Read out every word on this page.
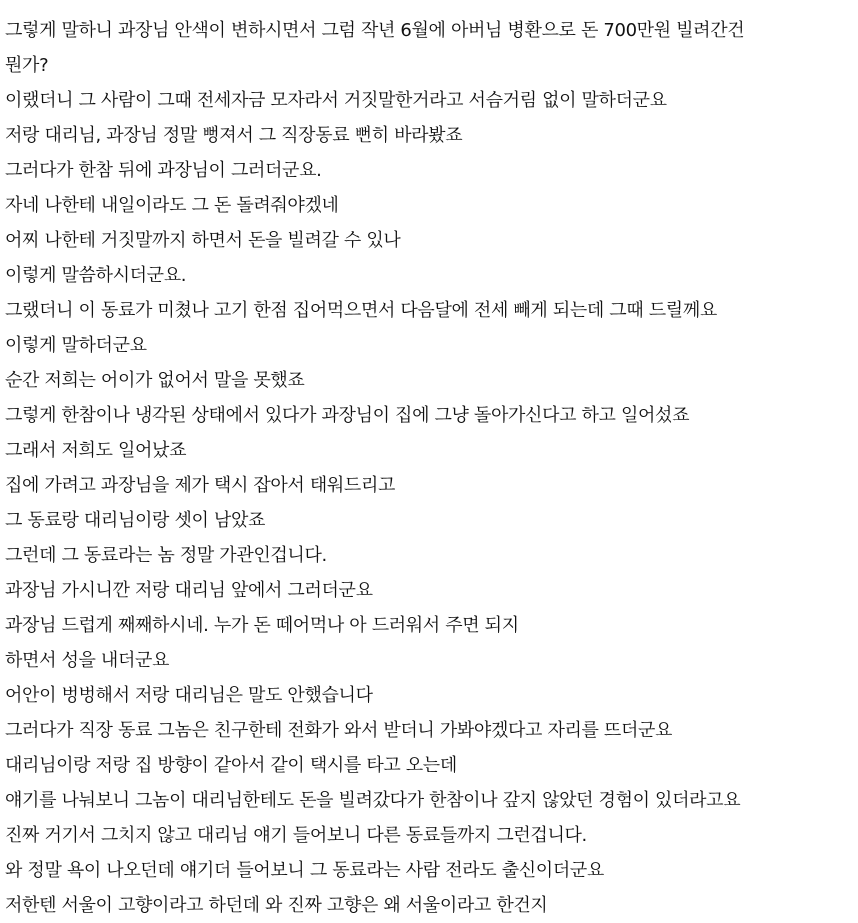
그렇게 말하니 과장님 안색이 변하시면서 그럼 작년 6월에 아버님 병환으로 돈 700만원 빌려간건
뭔가?
이랬더니 그 사람이 그때 전세자금 모자라서 거짓말한거라고 서슴거림 없이 말하더군요
저랑 대리님, 과장님 정말 뻥져서 그 직장동료 뻔히 바라봤죠
그러다가 한참 뒤에 과장님이 그러더군요.
자네 나한테 내일이라도 그 돈 돌려줘야겠네
어찌 나한테 거짓말까지 하면서 돈을 빌려갈 수 있나
이렇게 말씀하시더군요.
그랬더니 이 동료가 미쳤나 고기 한점 집어먹으면서 다음달에 전세 빼게 되는데 그때 드릴께요
이렇게 말하더군요
순간 저희는 어이가 없어서 말을 못했죠
그렇게 한참이나 냉각된 상태에서 있다가 과장님이 집에 그냥 돌아가신다고 하고 일어섰죠
그래서 저희도 일어났죠
집에 가려고 과장님을 제가 택시 잡아서 태워드리고
그 동료랑 대리님이랑 셋이 남았죠
그런데 그 동료라는 놈 정말 가관인겁니다.
과장님 가시니깐 저랑 대리님 앞에서 그러더군요
과장님 드럽게 째째하시네. 누가 돈 떼어먹나 아 드러워서 주면 되지
하면서 성을 내더군요
어안이 벙벙해서 저랑 대리님은 말도 안했습니다
그러다가 직장 동료 그놈은 친구한테 전화가 와서 받더니 가봐야겠다고 자리를 뜨더군요
대리님이랑 저랑 집 방향이 같아서 같이 택시를 타고 오는데
얘기를 나눠보니 그놈이 대리님한테도 돈을 빌려갔다가 한참이나 갚지 않았던 경험이 있더라고요
진짜 거기서 그치지 않고 대리님 얘기 들어보니 다른 동료들까지 그런겁니다.
와 정말 욕이 나오던데 얘기더 들어보니 그 동료라는 사람 전라도 출신이더군요
저한텐 서울이 고향이라고 하던데 와 진짜 고향은 왜 서울이라고 한건지
